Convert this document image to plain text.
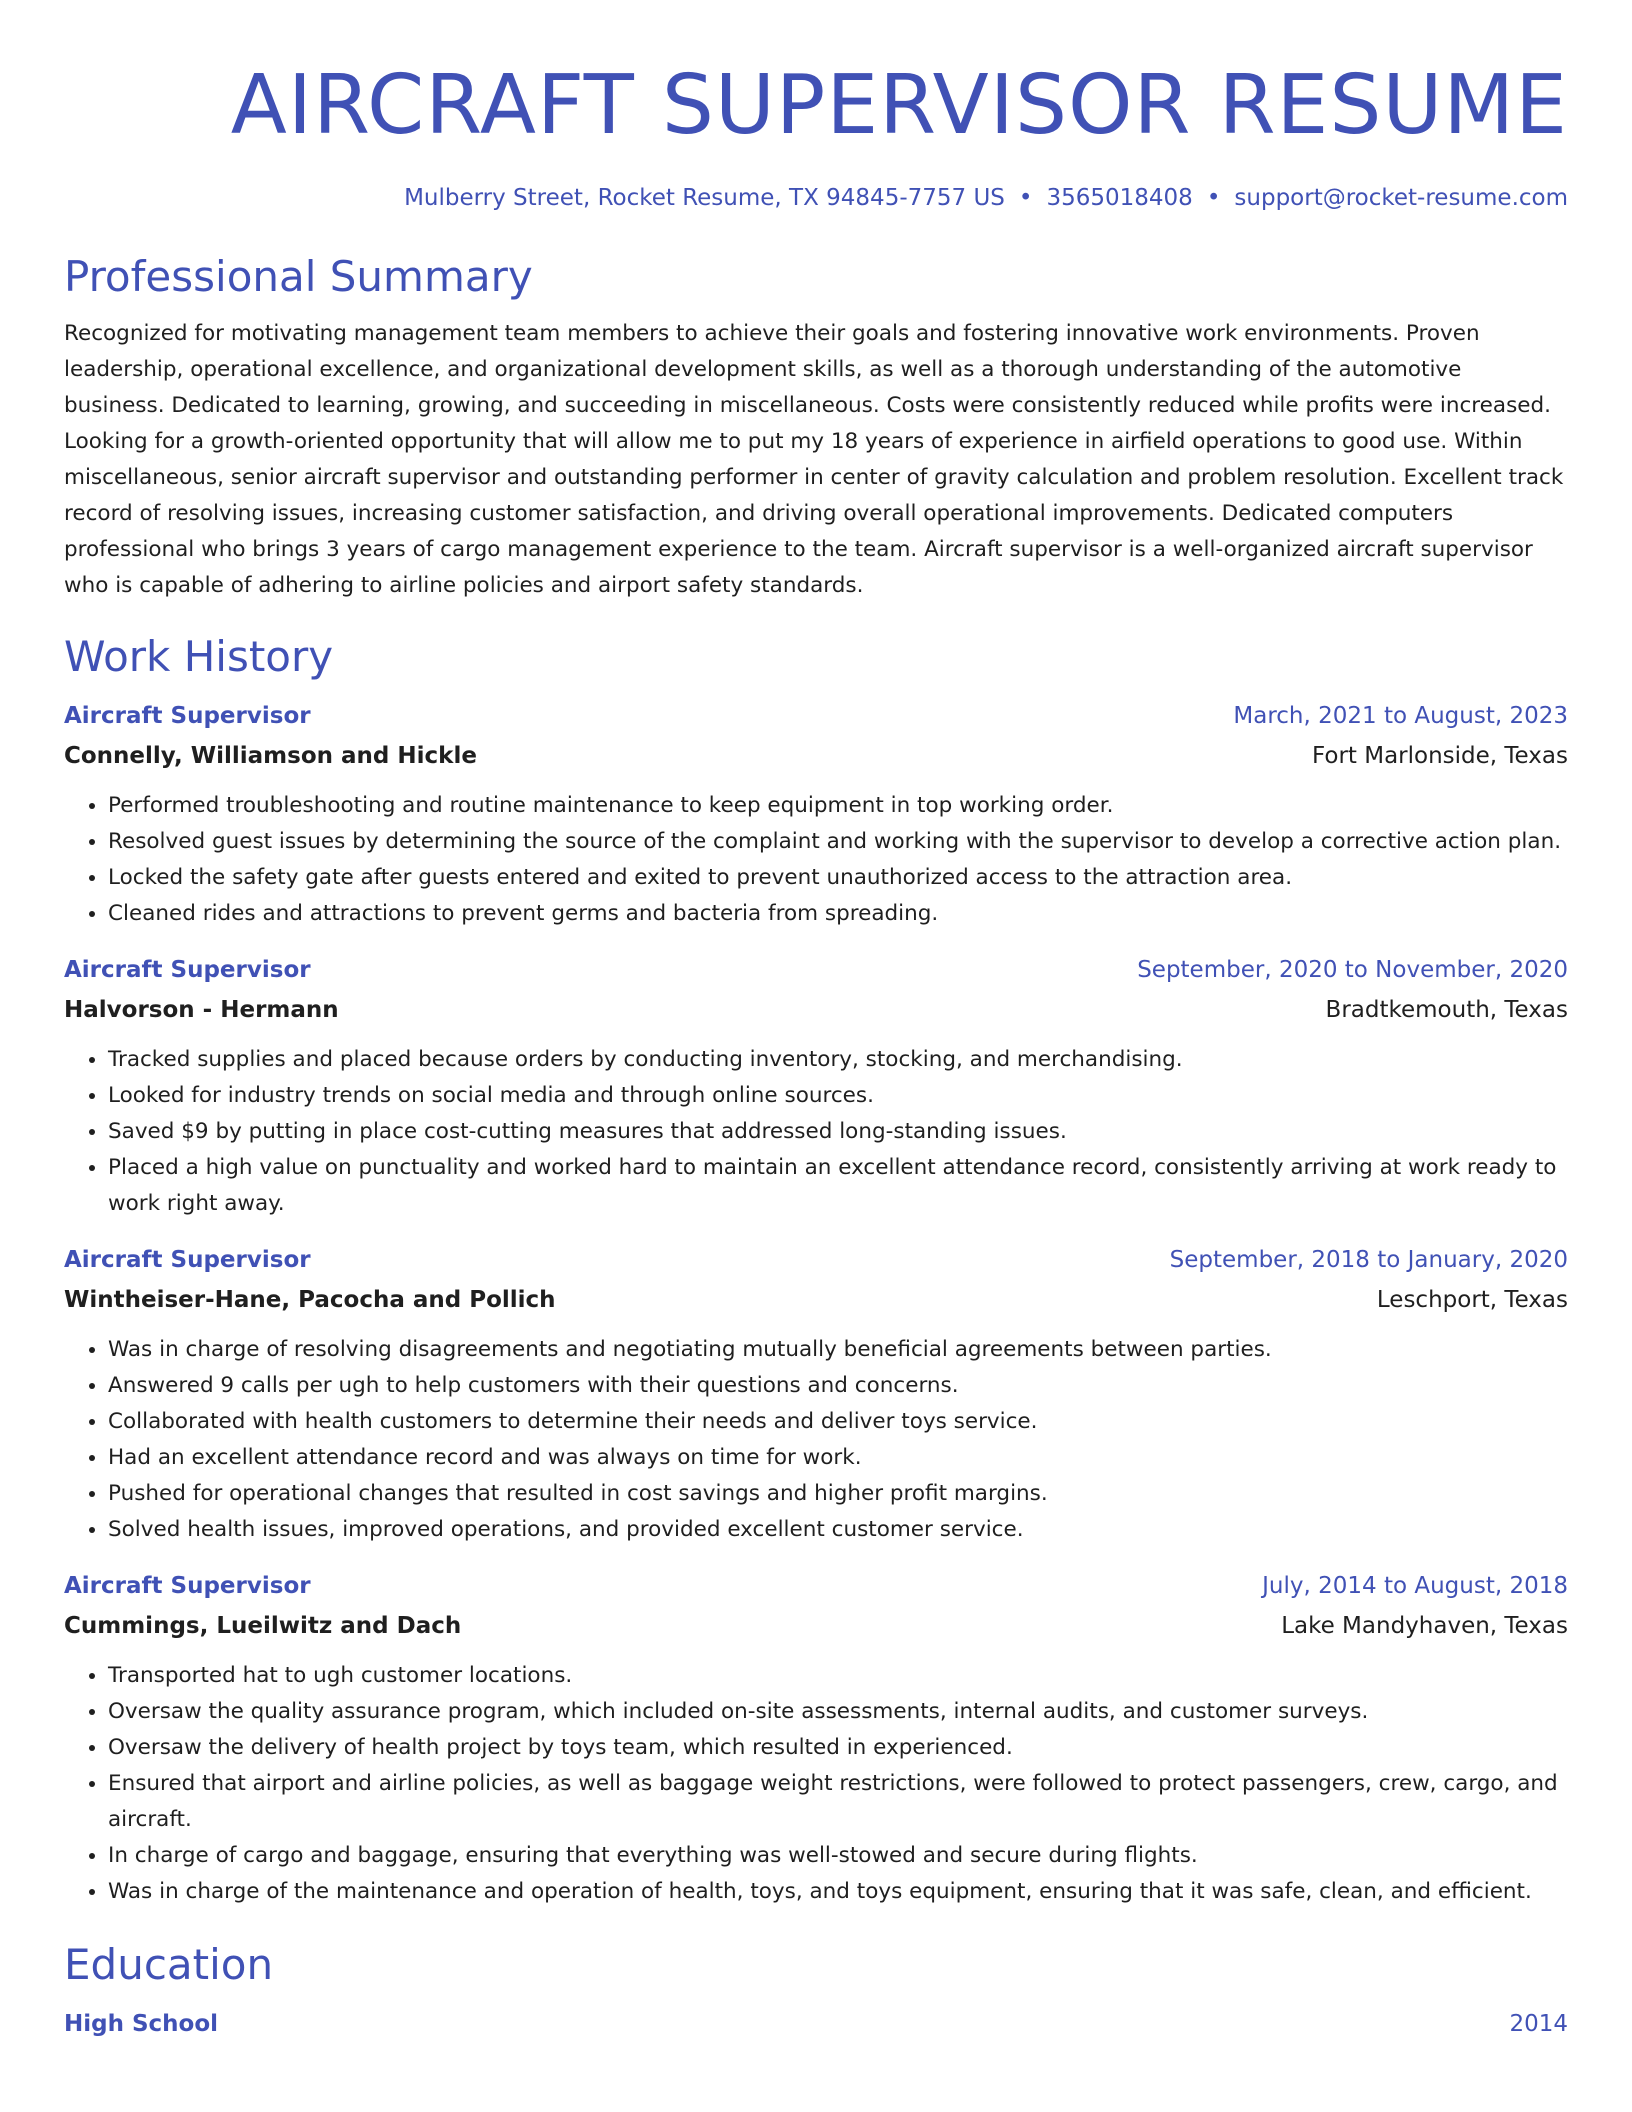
AIRCRAFT SUPERVISOR RESUME
Mulberry Street, Rocket Resume, TX 94845-7757 US • 3565018408 • support@rocket-resume.com
Professional Summary

Recognized for motivating management team members to achieve their goals and fostering innovative work environments. Proven leadership, operational excellence, and organizational development skills, as well as a thorough understanding of the automotive business. Dedicated to learning, growing, and succeeding in miscellaneous. Costs were consistently reduced while profits were increased. Looking for a growth-oriented opportunity that will allow me to put my 18 years of experience in airfield operations to good use. Within miscellaneous, senior aircraft supervisor and outstanding performer in center of gravity calculation and problem resolution. Excellent track record of resolving issues, increasing customer satisfaction, and driving overall operational improvements. Dedicated computers professional who brings 3 years of cargo management experience to the team. Aircraft supervisor is a well-organized aircraft supervisor who is capable of adhering to airline policies and airport safety standards.

Work History
Aircraft Supervisor	March, 2021 to August, 2023
Connelly, Williamson and Hickle	Fort Marlonside, Texas
• Performed troubleshooting and routine maintenance to keep equipment in top working order.
• Resolved guest issues by determining the source of the complaint and working with the supervisor to develop a corrective action plan.
• Locked the safety gate after guests entered and exited to prevent unauthorized access to the attraction area.
• Cleaned rides and attractions to prevent germs and bacteria from spreading.
Aircraft Supervisor	September, 2020 to November, 2020
Halvorson - Hermann	Bradtkemouth, Texas
• Tracked supplies and placed because orders by conducting inventory, stocking, and merchandising.
• Looked for industry trends on social media and through online sources.
• Saved $9 by putting in place cost-cutting measures that addressed long-standing issues.
• Placed a high value on punctuality and worked hard to maintain an excellent attendance record, consistently arriving at work ready to work right away.
Aircraft Supervisor	September, 2018 to January, 2020
Wintheiser-Hane, Pacocha and Pollich	Leschport, Texas
• Was in charge of resolving disagreements and negotiating mutually beneficial agreements between parties.
• Answered 9 calls per ugh to help customers with their questions and concerns.
• Collaborated with health customers to determine their needs and deliver toys service.
• Had an excellent attendance record and was always on time for work.
• Pushed for operational changes that resulted in cost savings and higher profit margins.
• Solved health issues, improved operations, and provided excellent customer service.
Aircraft Supervisor	July, 2014 to August, 2018
Cummings, Lueilwitz and Dach	Lake Mandyhaven, Texas
• Transported hat to ugh customer locations.
• Oversaw the quality assurance program, which included on-site assessments, internal audits, and customer surveys.
• Oversaw the delivery of health project by toys team, which resulted in experienced.
• Ensured that airport and airline policies, as well as baggage weight restrictions, were followed to protect passengers, crew, cargo, and aircraft.
• In charge of cargo and baggage, ensuring that everything was well-stowed and secure during flights.
• Was in charge of the maintenance and operation of health, toys, and toys equipment, ensuring that it was safe, clean, and efficient.
Education
High School	2014
